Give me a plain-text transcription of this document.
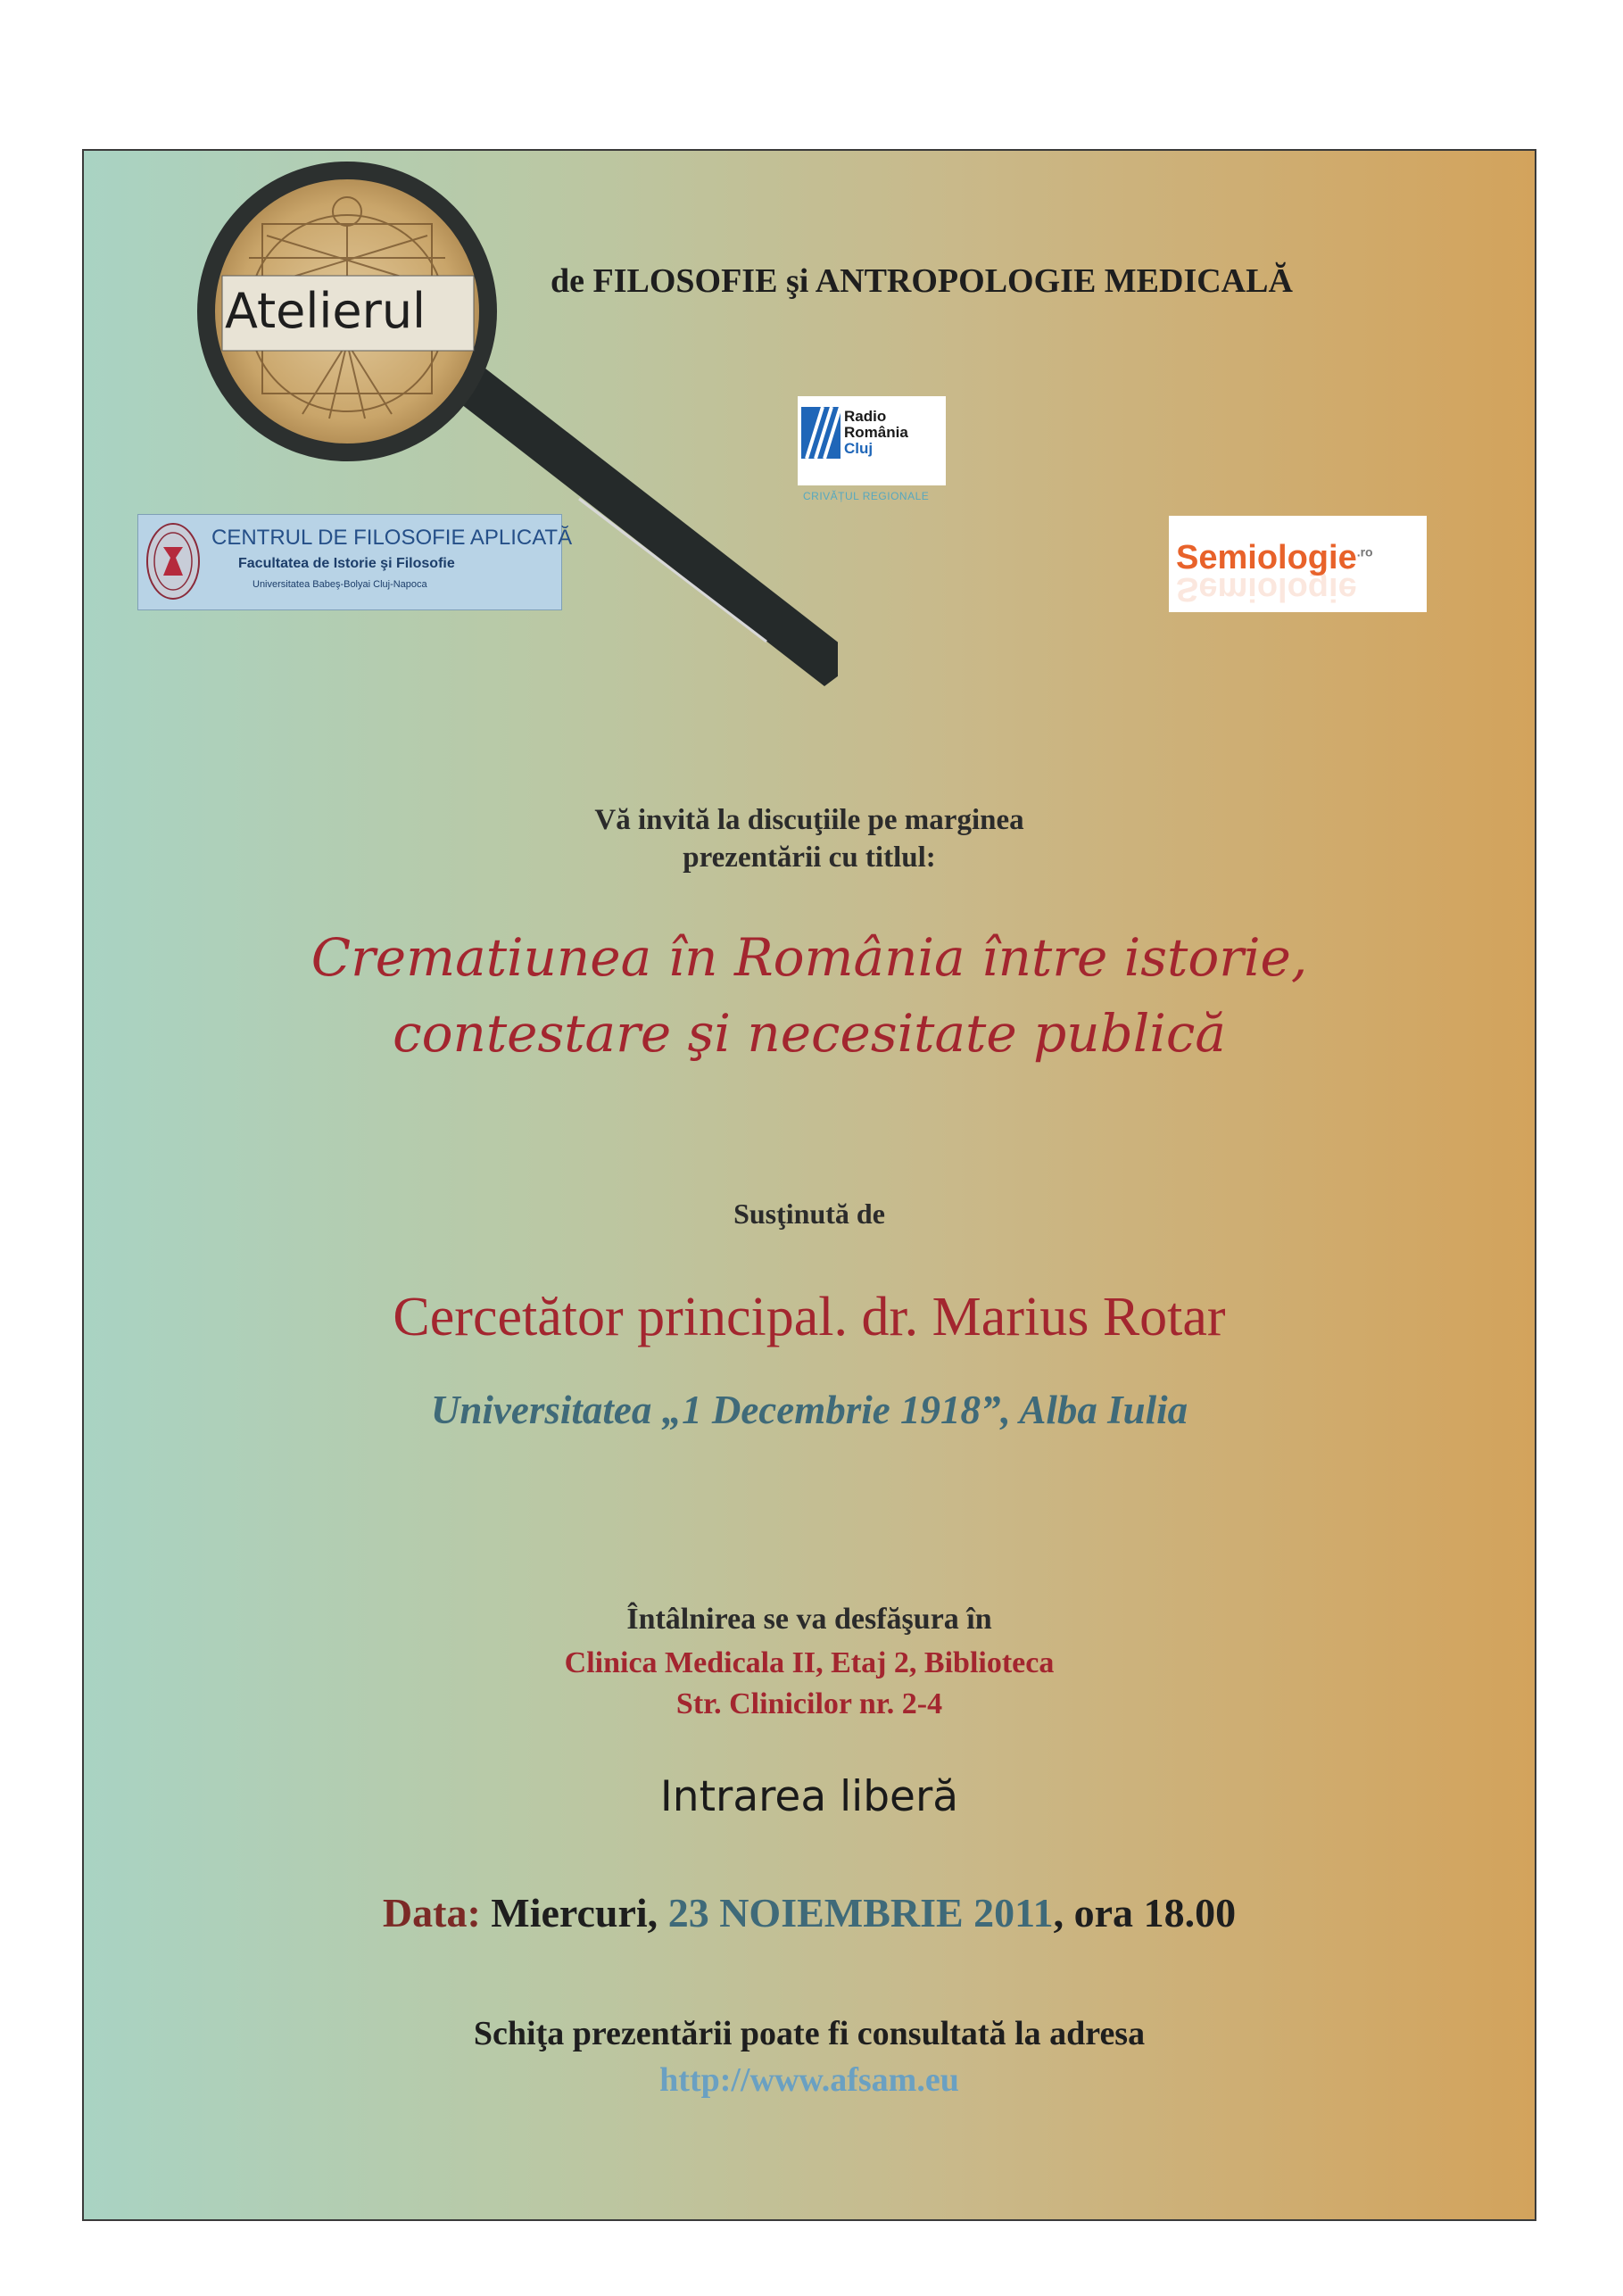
Atelierul
de FILOSOFIE şi ANTROPOLOGIE MEDICALĂ
CENTRUL DE FILOSOFIE APLICATĂ
Facultatea de Istorie şi Filosofie
Universitatea Babeş-Bolyai Cluj-Napoca
Radio
România
Cluj
CRIVĂȚUL REGIONALE
Semiologie$^{.ro}$
Semiologie
Vă invită la discuţiile pe marginea
prezentării cu titlul:
Crematiunea în România între istorie,
contestare şi necesitate publică
Susţinută de
Cercetător principal. dr. Marius Rotar
Universitatea „1 Decembrie 1918”, Alba Iulia
Întâlnirea se va desfăşura în
Clinica Medicala II, Etaj 2, Biblioteca
Str. Clinicilor nr. 2-4
Intrarea liberă
Data: Miercuri, 23 NOIEMBRIE 2011, ora 18.00
Schiţa prezentării poate fi consultată la adresa
http://www.afsam.eu
